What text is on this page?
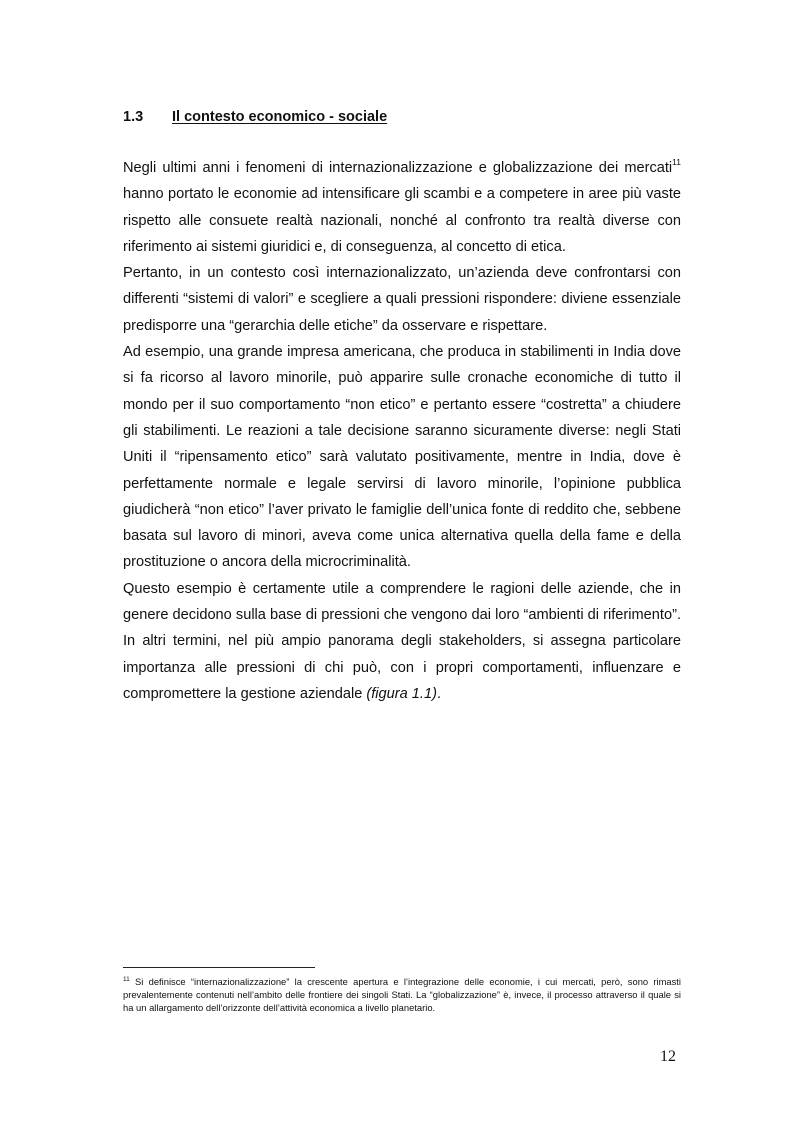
1.3	Il contesto economico - sociale

Negli ultimi anni i fenomeni di internazionalizzazione e globalizzazione dei mercati$^{11}$ hanno portato le economie ad intensificare gli scambi e a competere in aree più vaste rispetto alle consuete realtà nazionali, nonché al confronto tra realtà diverse con riferimento ai sistemi giuridici e, di conseguenza, al concetto di etica.

Pertanto, in un contesto così internazionalizzato, un’azienda deve confrontarsi con differenti “sistemi di valori” e scegliere a quali pressioni rispondere: diviene essenziale predisporre una “gerarchia delle etiche” da osservare e rispettare.

Ad esempio, una grande impresa americana, che produca in stabilimenti in India dove si fa ricorso al lavoro minorile, può apparire sulle cronache economiche di tutto il mondo per il suo comportamento “non etico” e pertanto essere “costretta” a chiudere gli stabilimenti. Le reazioni a tale decisione saranno sicuramente diverse: negli Stati Uniti il “ripensamento etico” sarà valutato positivamente, mentre in India, dove è perfettamente normale e legale servirsi di lavoro minorile, l’opinione pubblica giudicherà “non etico” l’aver privato le famiglie dell’unica fonte di reddito che, sebbene basata sul lavoro di minori, aveva come unica alternativa quella della fame e della prostituzione o ancora della microcriminalità.

Questo esempio è certamente utile a comprendere le ragioni delle aziende, che in genere decidono sulla base di pressioni che vengono dai loro “ambienti di riferimento”. In altri termini, nel più ampio panorama degli stakeholders, si assegna particolare importanza alle pressioni di chi può, con i propri comportamenti, influenzare e compromettere la gestione aziendale (figura 1.1).

$^{11}$ Si definisce “internazionalizzazione” la crescente apertura e l’integrazione delle economie, i cui mercati, però, sono rimasti prevalentemente contenuti nell’ambito delle frontiere dei singoli Stati. La “globalizzazione” è, invece, il processo attraverso il quale si ha un allargamento dell’orizzonte dell’attività economica a livello planetario.

12
